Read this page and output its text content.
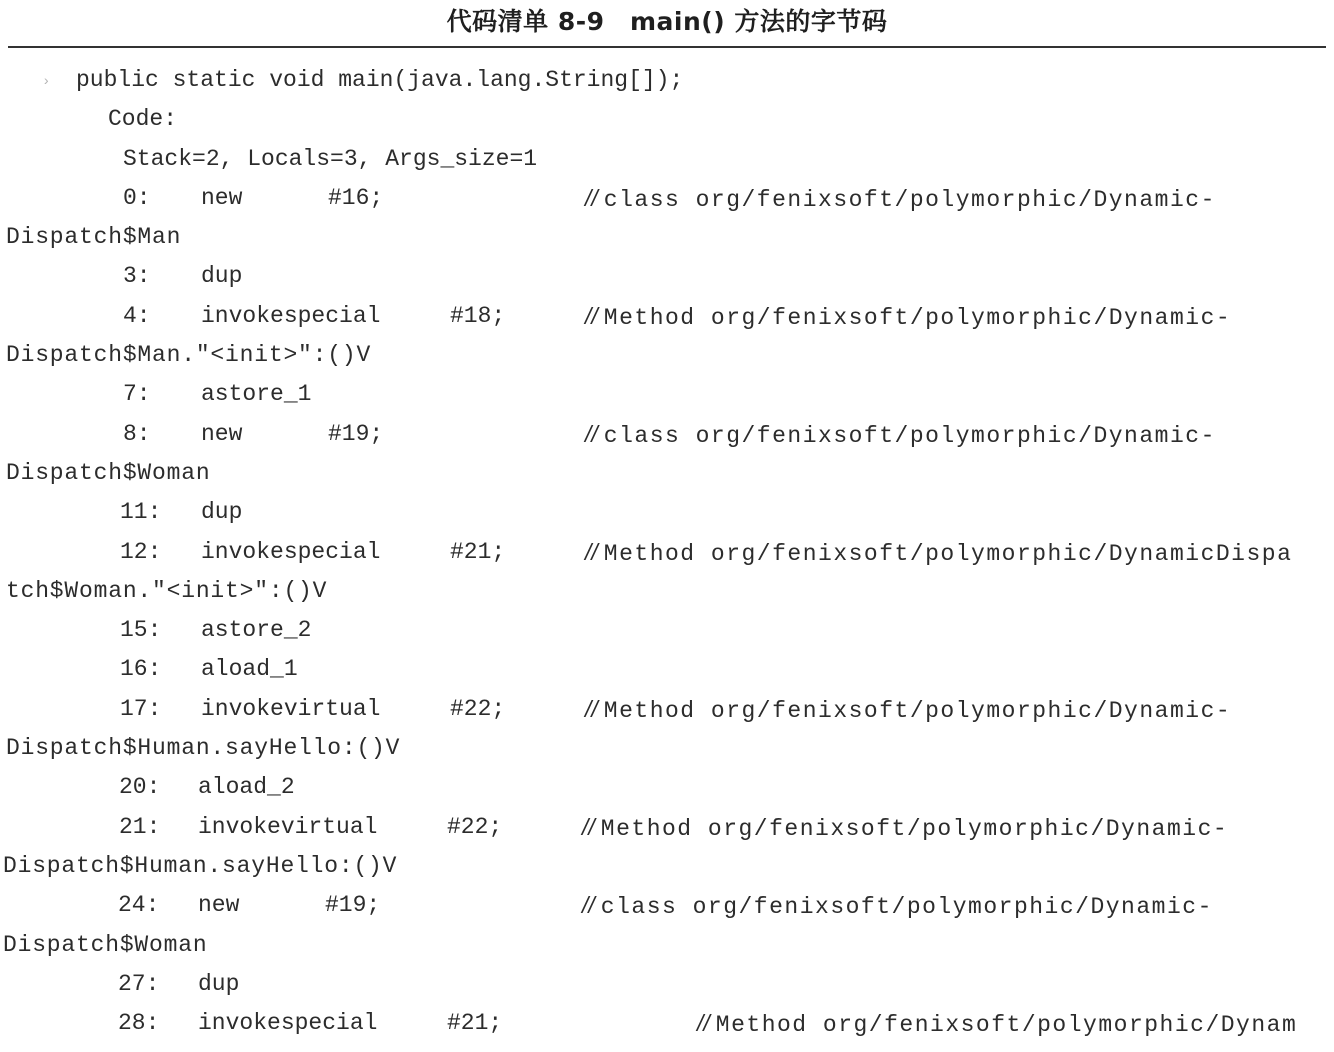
代码清单 8-9　main() 方法的字节码

›

public static void main(java.lang.String[]);

Code:

Stack=2, Locals=3, Args_size=1

0: new	#16;	// class org/fenixsoft/polymorphic/Dynamic-
Dispatch$Man
3: dup
4: invokespecial	#18;	// Method org/fenixsoft/polymorphic/Dynamic-
Dispatch$Man."<init>":()V
7: astore_1
8: new	#19;	// class org/fenixsoft/polymorphic/Dynamic-
Dispatch$Woman
11: dup
12: invokespecial	#21;	// Method org/fenixsoft/polymorphic/DynamicDispa
tch$Woman."<init>":()V
15: astore_2
16: aload_1
17: invokevirtual	#22;	// Method org/fenixsoft/polymorphic/Dynamic-
Dispatch$Human.sayHello:()V
20: aload_2
21: invokevirtual	#22;	// Method org/fenixsoft/polymorphic/Dynamic-
Dispatch$Human.sayHello:()V
24: new	#19;	// class org/fenixsoft/polymorphic/Dynamic-
Dispatch$Woman
27: dup
28: invokespecial	#21;	// Method org/fenixsoft/polymorphic/Dynam
